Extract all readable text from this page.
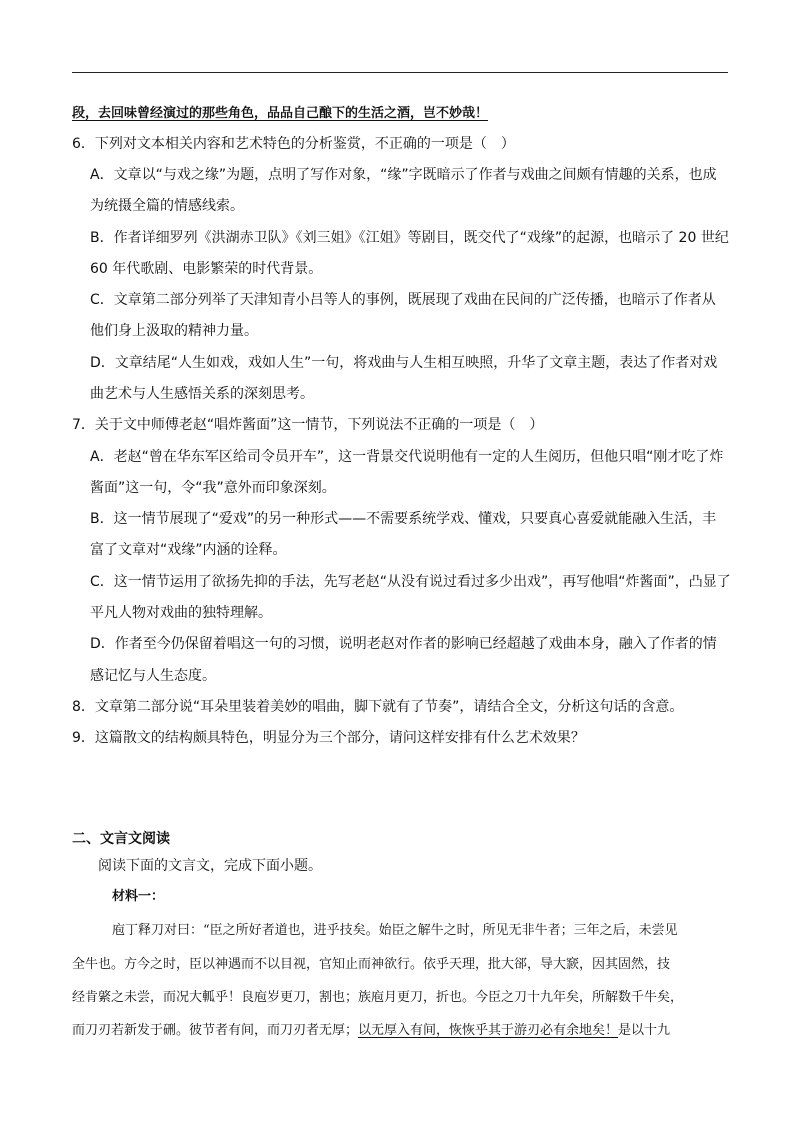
段，去回味曾经演过的那些角色，品品自己酿下的生活之酒，岂不妙哉！
6．下列对文本相关内容和艺术特色的分析鉴赏，不正确的一项是（　）
A．文章以“与戏之缘”为题，点明了写作对象，“缘”字既暗示了作者与戏曲之间颇有情趣的关系，也成
为统摄全篇的情感线索。
B．作者详细罗列《洪湖赤卫队》《刘三姐》《江姐》等剧目，既交代了“戏缘”的起源，也暗示了 20 世纪
60 年代歌剧、电影繁荣的时代背景。
C．文章第二部分列举了天津知青小吕等人的事例，既展现了戏曲在民间的广泛传播，也暗示了作者从
他们身上汲取的精神力量。
D．文章结尾“人生如戏，戏如人生”一句，将戏曲与人生相互映照，升华了文章主题，表达了作者对戏
曲艺术与人生感悟关系的深刻思考。
7．关于文中师傅老赵“唱炸酱面”这一情节，下列说法不正确的一项是（　）
A．老赵“曾在华东军区给司令员开车”，这一背景交代说明他有一定的人生阅历，但他只唱“刚才吃了炸
酱面”这一句，令“我”意外而印象深刻。
B．这一情节展现了“爱戏”的另一种形式——不需要系统学戏、懂戏，只要真心喜爱就能融入生活，丰
富了文章对“戏缘”内涵的诠释。
C．这一情节运用了欲扬先抑的手法，先写老赵“从没有说过看过多少出戏”，再写他唱“炸酱面”，凸显了
平凡人物对戏曲的独特理解。
D．作者至今仍保留着唱这一句的习惯，说明老赵对作者的影响已经超越了戏曲本身，融入了作者的情
感记忆与人生态度。
8．文章第二部分说“耳朵里装着美妙的唱曲，脚下就有了节奏”，请结合全文，分析这句话的含意。
9．这篇散文的结构颇具特色，明显分为三个部分，请问这样安排有什么艺术效果？
二、文言文阅读
阅读下面的文言文，完成下面小题。
材料一：
庖丁释刀对曰：“臣之所好者道也，进乎技矣。始臣之解牛之时，所见无非牛者；三年之后，未尝见
全牛也。方今之时，臣以神遇而不以目视，官知止而神欲行。依乎天理，批大郤，导大窾，因其固然，技
经肯綮之未尝，而况大軱乎！良庖岁更刀，割也；族庖月更刀，折也。今臣之刀十九年矣，所解数千牛矣，
而刀刃若新发于硎。彼节者有间，而刀刃者无厚；以无厚入有间，恢恢乎其于游刃必有余地矣！是以十九
